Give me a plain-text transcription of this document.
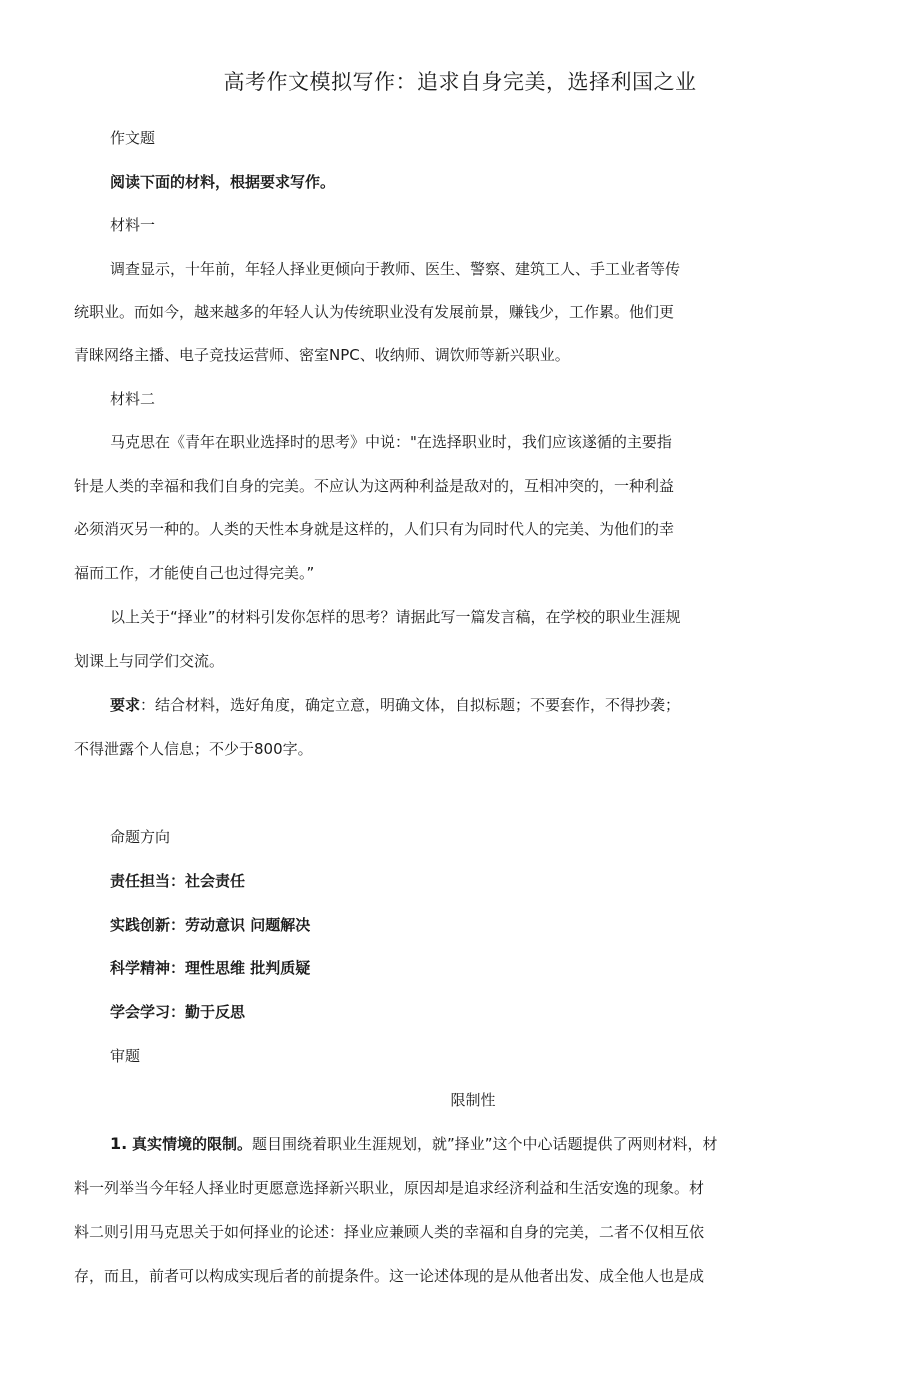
高考作文模拟写作：追求自身完美，选择利国之业
作文题
阅读下面的材料，根据要求写作。
材料一
调查显示，十年前，年轻人择业更倾向于教师、医生、警察、建筑工人、手工业者等传
统职业。而如今，越来越多的年轻人认为传统职业没有发展前景，赚钱少，工作累。他们更
青睐网络主播、电子竞技运营师、密室NPC、收纳师、调饮师等新兴职业。
材料二
马克思在《青年在职业选择时的思考》中说："在选择职业时，我们应该遂循的主要指
针是人类的幸福和我们自身的完美。不应认为这两种利益是敌对的，互相冲突的，一种利益
必须消灭另一种的。人类的天性本身就是这样的，人们只有为同时代人的完美、为他们的幸
福而工作，才能使自己也过得完美。”
以上关于“择业”的材料引发你怎样的思考？请据此写一篇发言稿，在学校的职业生涯规
划课上与同学们交流。
要求：结合材料，选好角度，确定立意，明确文体，自拟标题；不要套作，不得抄袭；
不得泄露个人信息；不少于800字。
命题方向
责任担当：社会责任
实践创新：劳动意识 问题解决
科学精神：理性思维 批判质疑
学会学习：勤于反思
审题
限制性
1. 真实情境的限制。题目围绕着职业生涯规划，就”择业”这个中心话题提供了两则材料，材
料一列举当今年轻人择业时更愿意选择新兴职业，原因却是追求经济利益和生活安逸的现象。材
料二则引用马克思关于如何择业的论述：择业应兼顾人类的幸福和自身的完美，二者不仅相互依
存，而且，前者可以构成实现后者的前提条件。这一论述体现的是从他者出发、成全他人也是成
